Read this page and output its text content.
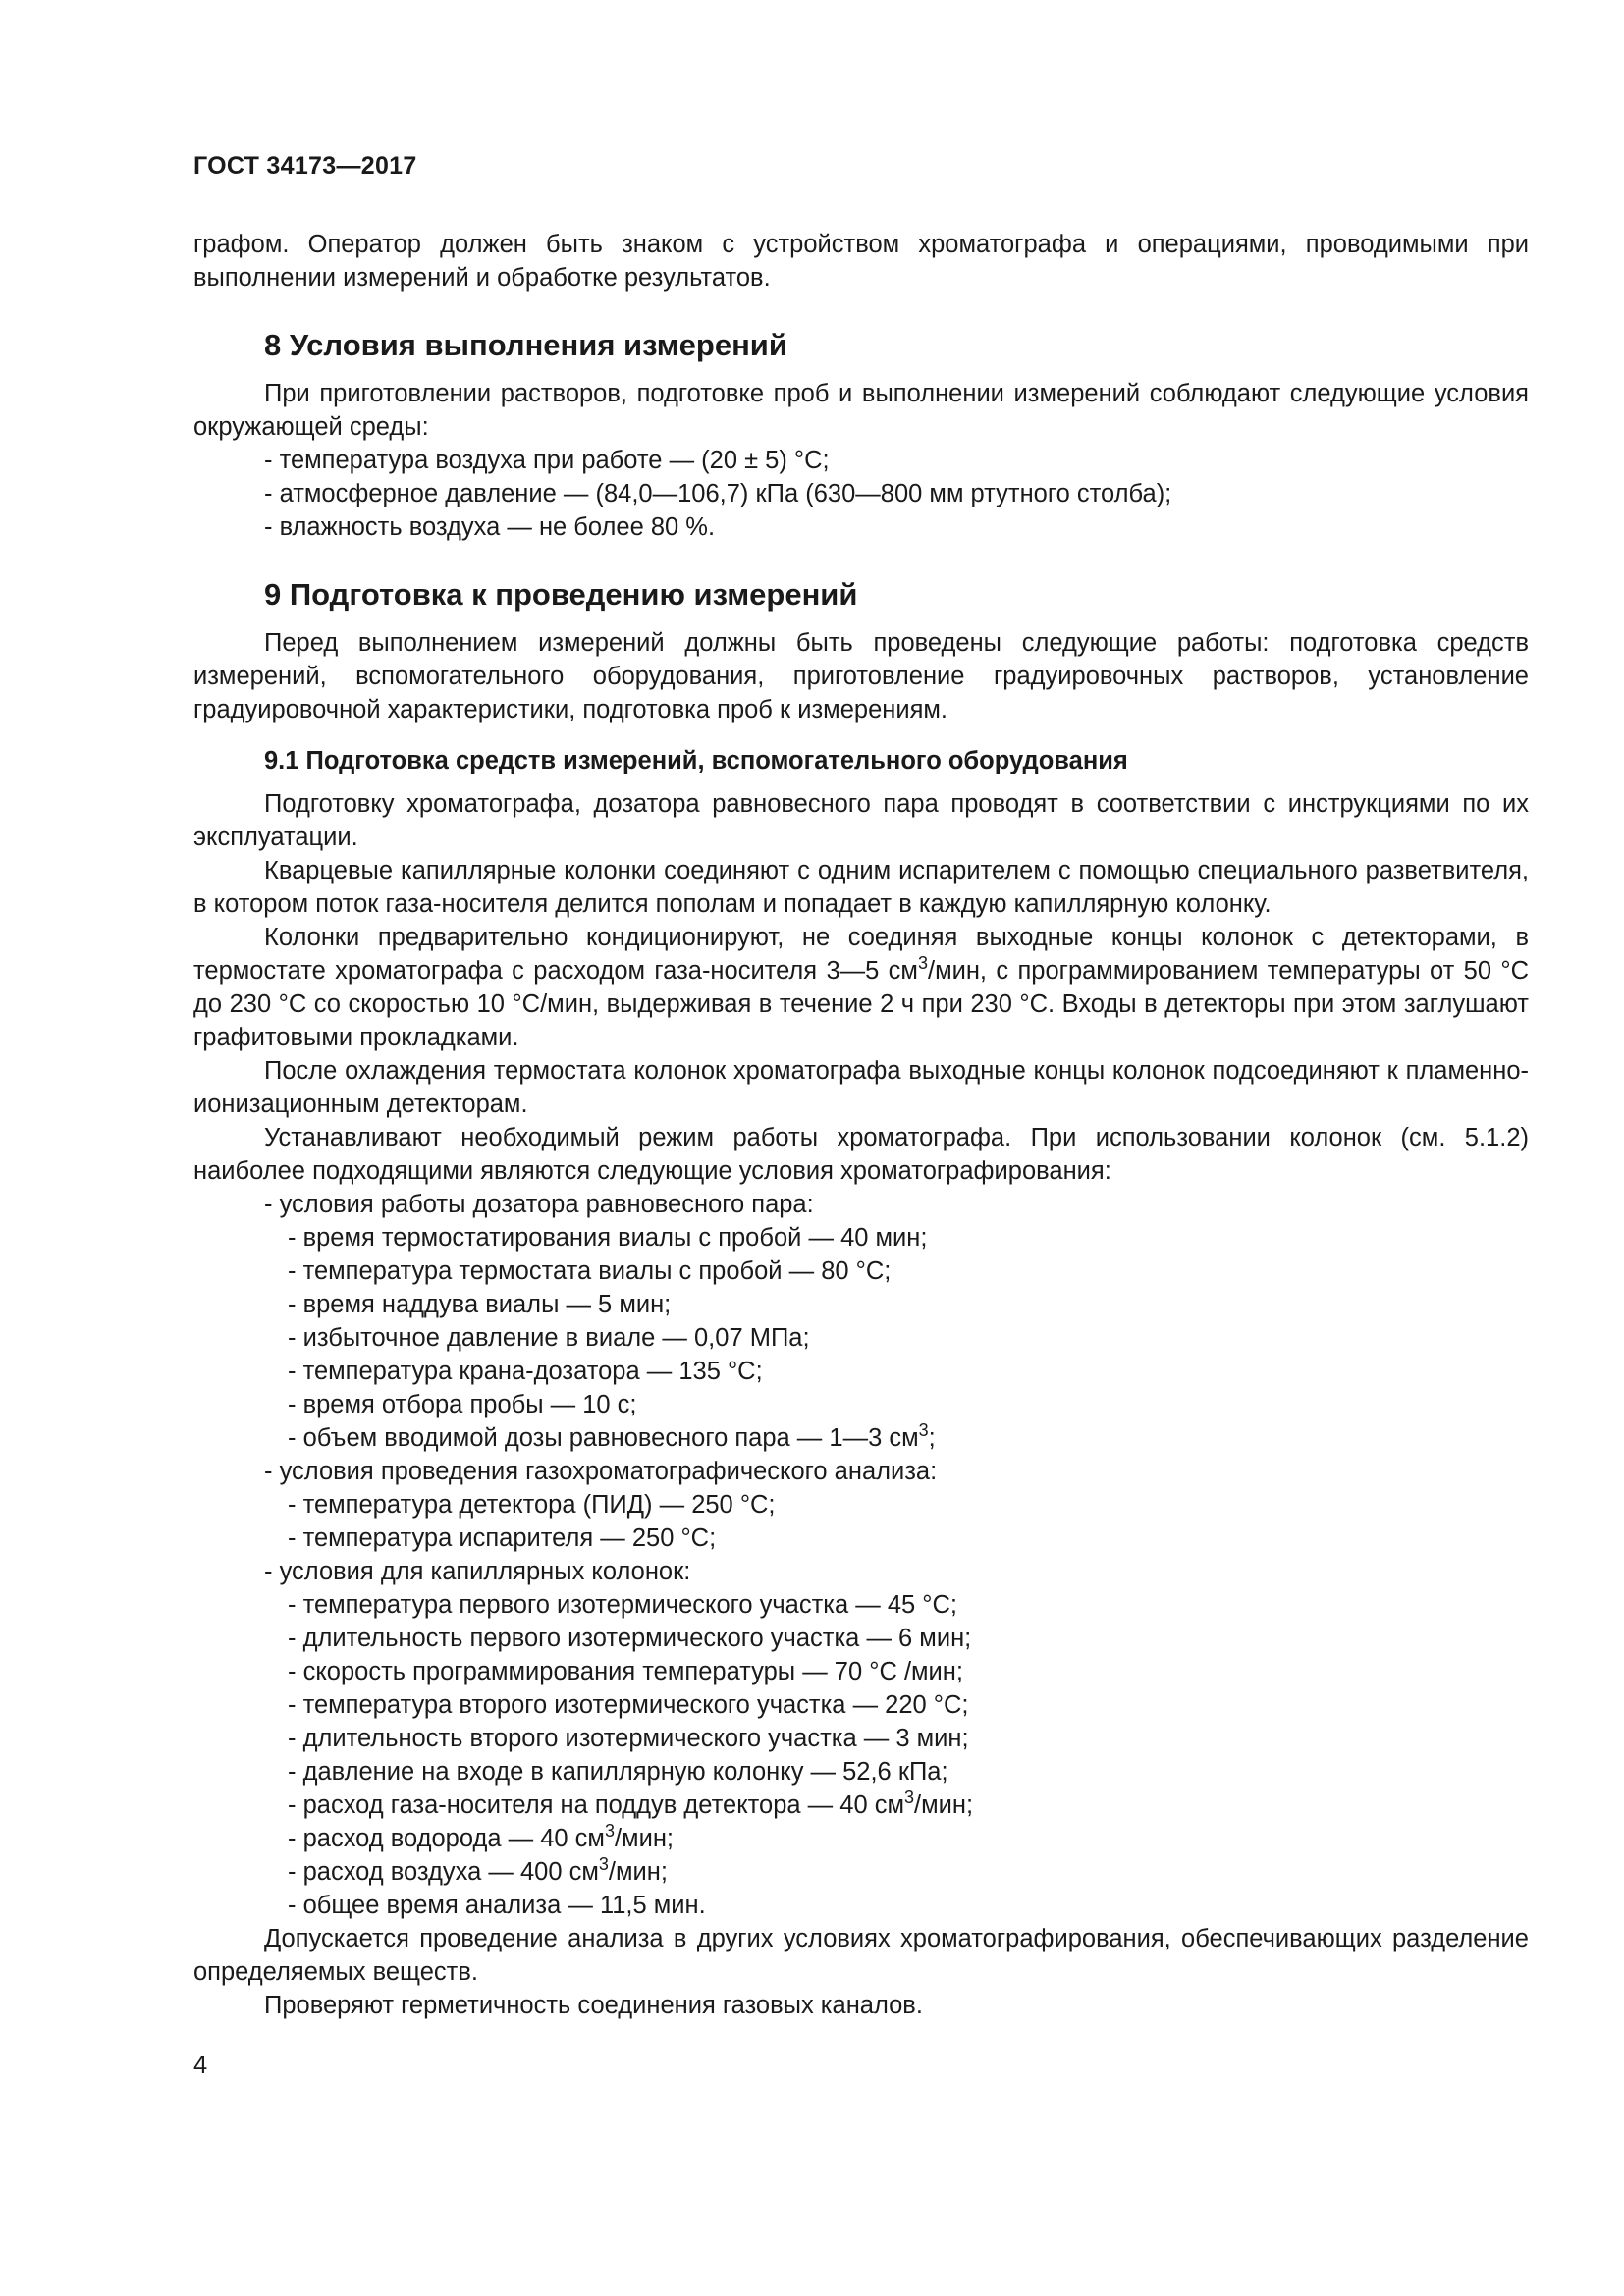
ГОСТ 34173—2017

графом. Оператор должен быть знаком с устройством хроматографа и операциями, проводимыми при выполнении измерений и обработке результатов.

8 Условия выполнения измерений

При приготовлении растворов, подготовке проб и выполнении измерений соблюдают следующие условия окружающей среды:

- температура воздуха при работе — (20 ± 5) °C;
- атмосферное давление — (84,0—106,7) кПа (630—800 мм ртутного столба);
- влажность воздуха — не более 80 %.
9 Подготовка к проведению измерений

Перед выполнением измерений должны быть проведены следующие работы: подготовка средств измерений, вспомогательного оборудования, приготовление градуировочных растворов, установление градуировочной характеристики, подготовка проб к измерениям.

9.1 Подготовка средств измерений, вспомогательного оборудования

Подготовку хроматографа, дозатора равновесного пара проводят в соответствии с инструкциями по их эксплуатации.

Кварцевые капиллярные колонки соединяют с одним испарителем с помощью специального разветвителя, в котором поток газа-носителя делится пополам и попадает в каждую капиллярную колонку.

Колонки предварительно кондиционируют, не соединяя выходные концы колонок с детекторами, в термостате хроматографа с расходом газа-носителя 3—5 $см^3$/мин, с программированием температуры от 50 °C до 230 °C со скоростью 10 °C/мин, выдерживая в течение 2 ч при 230 °C. Входы в детекторы при этом заглушают графитовыми прокладками.

После охлаждения термостата колонок хроматографа выходные концы колонок подсоединяют к пламенно-ионизационным детекторам.

Устанавливают необходимый режим работы хроматографа. При использовании колонок (см. 5.1.2) наиболее подходящими являются следующие условия хроматографирования:

- условия работы дозатора равновесного пара:
- время термостатирования виалы с пробой — 40 мин;
- температура термостата виалы с пробой — 80 °C;
- время наддува виалы — 5 мин;
- избыточное давление в виале — 0,07 МПа;
- температура крана-дозатора — 135 °C;
- время отбора пробы — 10 с;
- объем вводимой дозы равновесного пара — 1—3 $см^3$;
- условия проведения газохроматографического анализа:
- температура детектора (ПИД) — 250 °C;
- температура испарителя — 250 °C;
- условия для капиллярных колонок:
- температура первого изотермического участка — 45 °C;
- длительность первого изотермического участка — 6 мин;
- скорость программирования температуры — 70 °C /мин;
- температура второго изотермического участка — 220 °C;
- длительность второго изотермического участка — 3 мин;
- давление на входе в капиллярную колонку — 52,6 кПа;
- расход газа-носителя на поддув детектора — 40 $см^3$/мин;
- расход водорода — 40 $см^3$/мин;
- расход воздуха — 400 $см^3$/мин;
- общее время анализа — 11,5 мин.

Допускается проведение анализа в других условиях хроматографирования, обеспечивающих разделение определяемых веществ.

Проверяют герметичность соединения газовых каналов.

4
